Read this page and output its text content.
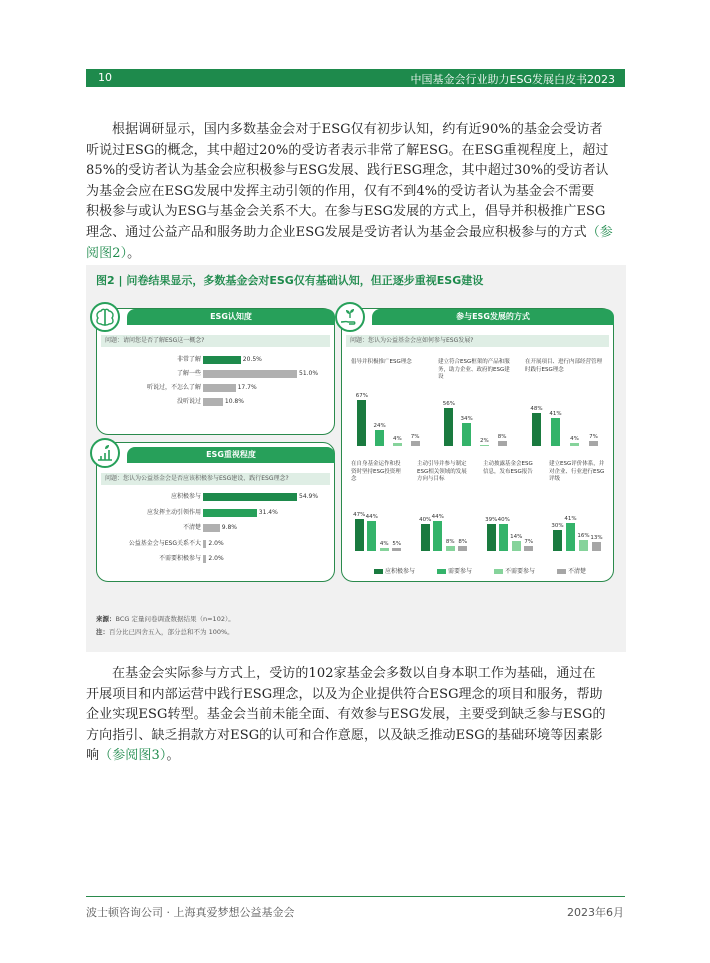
10	中国基金会行业助力ESG发展白皮书2023
根据调研显示，国内多数基金会对于ESG仅有初步认知，约有近90%的基金会受访者
听说过ESG的概念，其中超过20%的受访者表示非常了解ESG。在ESG重视程度上，超过
85%的受访者认为基金会应积极参与ESG发展、践行ESG理念，其中超过30%的受访者认
为基金会应在ESG发展中发挥主动引领的作用，仅有不到4%的受访者认为基金会不需要
积极参与或认为ESG与基金会关系不大。在参与ESG发展的方式上，倡导并积极推广ESG
理念、通过公益产品和服务助力企业ESG发展是受访者认为基金会最应积极参与的方式（参
阅图2）。
图2 | 问卷结果显示，多数基金会对ESG仅有基础认知，但正逐步重视ESG建设
ESG认知度
问题：请问您是否了解ESG这一概念?
非常了解	20.5%
了解一些	51.0%
听说过，不怎么了解	17.7%
没听说过	10.8%
ESG重视程度
问题：您认为公益基金会是否应该积极参与ESG建设、践行ESG理念?
应积极参与	54.9%
应发挥主动引领作用	31.4%
不清楚	9.8%
公益基金会与ESG关系不大 2.0%
不需要积极参与 2.0%
参与ESG发展的方式
问题：您认为公益基金会应如何参与ESG发展?
倡导并积极推广ESG理念
67%
24%
4%	7%
建立符合ESG框架的产品和服务，助力企业、政府的ESG建设
56%
34%
2%
8%
在开展项目、进行内部经营管理时践行ESG理念
48%
41%
4%	7%
在自身基金运作和投资时坚持ESG投资理念
47% 44%
4% 5%
主动引导并参与制定ESG相关领域的发展方向与目标
40% 44%
8% 8%
主动披露基金会ESG信息，发布ESG报告
39% 40%
14%
7%
建立ESG评价体系，并对企业、行业进行ESG评级
30%
41%
16% 13%
应积极参与	需要参与	不需要参与	不清楚
来源：BCG 定量问卷调查数据结果（n=102）。
注：百分比已四舍五入，部分总和不为 100%。
在基金会实际参与方式上，受访的102家基金会多数以自身本职工作为基础，通过在
开展项目和内部运营中践行ESG理念，以及为企业提供符合ESG理念的项目和服务，帮助
企业实现ESG转型。基金会当前未能全面、有效参与ESG发展，主要受到缺乏参与ESG的
方向指引、缺乏捐款方对ESG的认可和合作意愿，以及缺乏推动ESG的基础环境等因素影
响（参阅图3）。
波士顿咨询公司 · 上海真爱梦想公益基金会	2023年6月
